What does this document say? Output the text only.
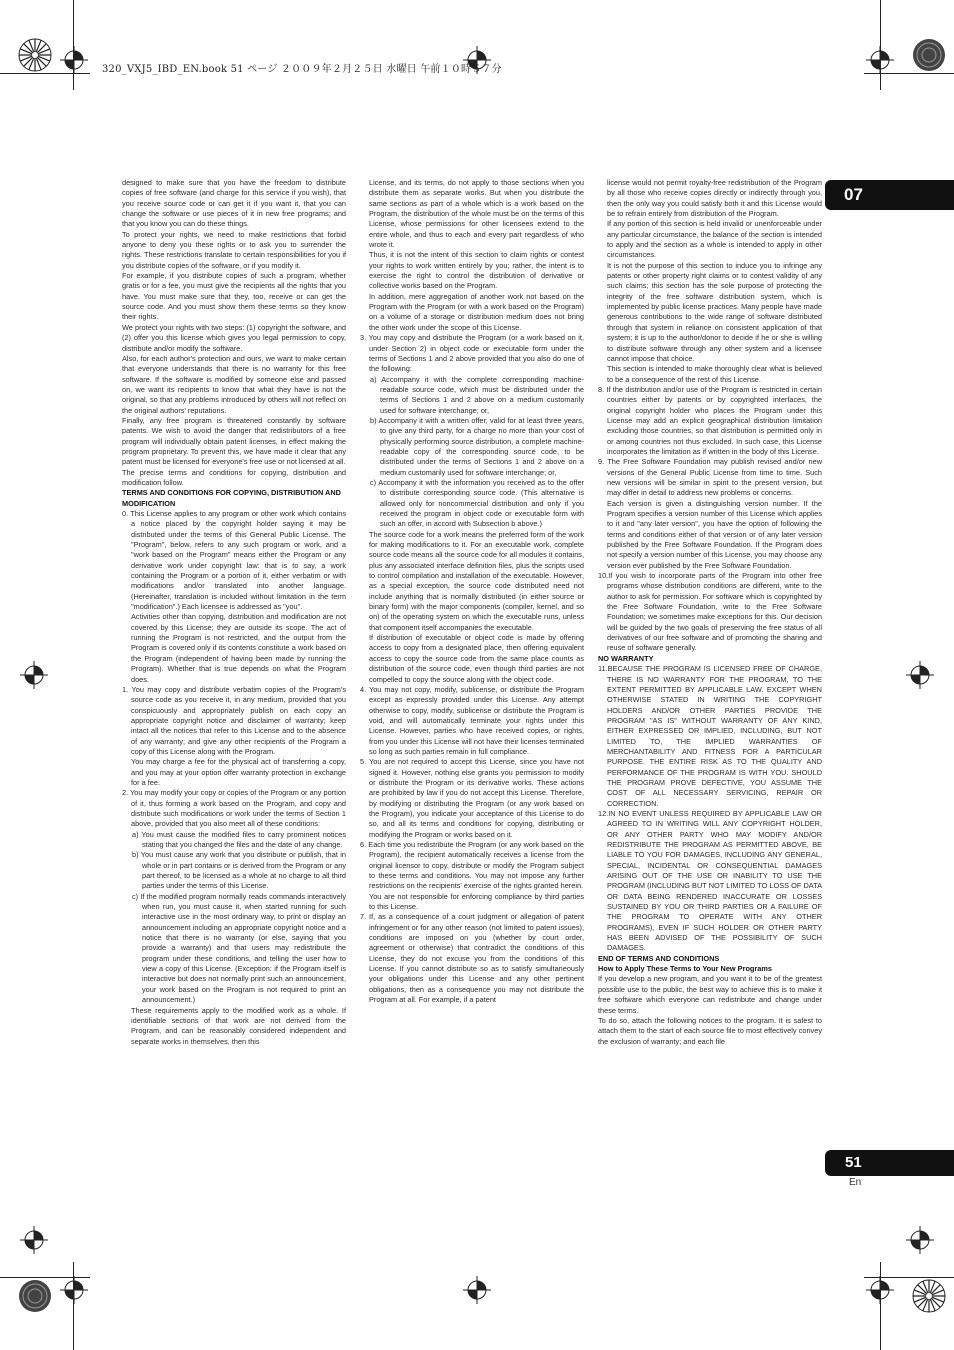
320_VXJ5_IBD_EN.book 51 ページ ２００９年２月２５日 水曜日 午前１０時５７分
07
51
En

designed to make sure that you have the freedom to distribute copies of free software (and charge for this service if you wish), that you receive source code or can get it if you want it, that you can change the software or use pieces of it in new free programs; and that you know you can do these things.

To protect your rights, we need to make restrictions that forbid anyone to deny you these rights or to ask you to surrender the rights. These restrictions translate to certain responsibilities for you if you distribute copies of the software, or if you modify it.

For example, if you distribute copies of such a program, whether gratis or for a fee, you must give the recipients all the rights that you have. You must make sure that they, too, receive or can get the source code. And you must show them these terms so they know their rights.

We protect your rights with two steps: (1) copyright the software, and (2) offer you this license which gives you legal permission to copy, distribute and/or modify the software.

Also, for each author's protection and ours, we want to make certain that everyone understands that there is no warranty for this free software. If the software is modified by someone else and passed on, we want its recipients to know that what they have is not the original, so that any problems introduced by others will not reflect on the original authors' reputations.

Finally, any free program is threatened constantly by software patents. We wish to avoid the danger that redistributors of a free program will individually obtain patent licenses, in effect making the program proprietary. To prevent this, we have made it clear that any patent must be licensed for everyone's free use or not licensed at all.

The precise terms and conditions for copying, distribution and modification follow.

TERMS AND CONDITIONS FOR COPYING, DISTRIBUTION AND MODIFICATION

0. This License applies to any program or other work which contains a notice placed by the copyright holder saying it may be distributed under the terms of this General Public License. The "Program", below, refers to any such program or work, and a "work based on the Program" means either the Program or any derivative work under copyright law: that is to say, a work containing the Program or a portion of it, either verbatim or with modifications and/or translated into another language. (Hereinafter, translation is included without limitation in the term "modification".) Each licensee is addressed as "you".

Activities other than copying, distribution and modification are not covered by this License; they are outside its scope. The act of running the Program is not restricted, and the output from the Program is covered only if its contents constitute a work based on the Program (independent of having been made by running the Program). Whether that is true depends on what the Program does.

1. You may copy and distribute verbatim copies of the Program's source code as you receive it, in any medium, provided that you conspicuously and appropriately publish on each copy an appropriate copyright notice and disclaimer of warranty; keep intact all the notices that refer to this License and to the absence of any warranty; and give any other recipients of the Program a copy of this License along with the Program.

You may charge a fee for the physical act of transferring a copy, and you may at your option offer warranty protection in exchange for a fee.

2. You may modify your copy or copies of the Program or any portion of it, thus forming a work based on the Program, and copy and distribute such modifications or work under the terms of Section 1 above, provided that you also meet all of these conditions:

a) You must cause the modified files to carry prominent notices stating that you changed the files and the date of any change.

b) You must cause any work that you distribute or publish, that in whole or in part contains or is derived from the Program or any part thereof, to be licensed as a whole at no charge to all third parties under the terms of this License.

c) If the modified program normally reads commands interactively when run, you must cause it, when started running for such interactive use in the most ordinary way, to print or display an announcement including an appropriate copyright notice and a notice that there is no warranty (or else, saying that you provide a warranty) and that users may redistribute the program under these conditions, and telling the user how to view a copy of this License. (Exception: if the Program itself is interactive but does not normally print such an announcement, your work based on the Program is not required to print an announcement.)

These requirements apply to the modified work as a whole. If identifiable sections of that work are not derived from the Program, and can be reasonably considered independent and separate works in themselves, then this

License, and its terms, do not apply to those sections when you distribute them as separate works. But when you distribute the same sections as part of a whole which is a work based on the Program, the distribution of the whole must be on the terms of this License, whose permissions for other licensees extend to the entire whole, and thus to each and every part regardless of who wrote it.

Thus, it is not the intent of this section to claim rights or contest your rights to work written entirely by you; rather, the intent is to exercise the right to control the distribution of derivative or collective works based on the Program.

In addition, mere aggregation of another work not based on the Program with the Program (or with a work based on the Program) on a volume of a storage or distribution medium does not bring the other work under the scope of this License.

3. You may copy and distribute the Program (or a work based on it, under Section 2) in object code or executable form under the terms of Sections 1 and 2 above provided that you also do one of the following:

a) Accompany it with the complete corresponding machine-readable source code, which must be distributed under the terms of Sections 1 and 2 above on a medium customarily used for software interchange; or,

b) Accompany it with a written offer, valid for at least three years, to give any third party, for a charge no more than your cost of physically performing source distribution, a complete machine-readable copy of the corresponding source code, to be distributed under the terms of Sections 1 and 2 above on a medium customarily used for software interchange; or,

c) Accompany it with the information you received as to the offer to distribute corresponding source code. (This alternative is allowed only for noncommercial distribution and only if you received the program in object code or executable form with such an offer, in accord with Subsection b above.)

The source code for a work means the preferred form of the work for making modifications to it. For an executable work, complete source code means all the source code for all modules it contains, plus any associated interface definition files, plus the scripts used to control compilation and installation of the executable. However, as a special exception, the source code distributed need not include anything that is normally distributed (in either source or binary form) with the major components (compiler, kernel, and so on) of the operating system on which the executable runs, unless that component itself accompanies the executable.

If distribution of executable or object code is made by offering access to copy from a designated place, then offering equivalent access to copy the source code from the same place counts as distribution of the source code, even though third parties are not compelled to copy the source along with the object code.

4. You may not copy, modify, sublicense, or distribute the Program except as expressly provided under this License. Any attempt otherwise to copy, modify, sublicense or distribute the Program is void, and will automatically terminate your rights under this License. However, parties who have received copies, or rights, from you under this License will not have their licenses terminated so long as such parties remain in full compliance.

5. You are not required to accept this License, since you have not signed it. However, nothing else grants you permission to modify or distribute the Program or its derivative works. These actions are prohibited by law if you do not accept this License. Therefore, by modifying or distributing the Program (or any work based on the Program), you indicate your acceptance of this License to do so, and all its terms and conditions for copying, distributing or modifying the Program or works based on it.

6. Each time you redistribute the Program (or any work based on the Program), the recipient automatically receives a license from the original licensor to copy, distribute or modify the Program subject to these terms and conditions. You may not impose any further restrictions on the recipients' exercise of the rights granted herein.

You are not responsible for enforcing compliance by third parties to this License.

7. If, as a consequence of a court judgment or allegation of patent infringement or for any other reason (not limited to patent issues), conditions are imposed on you (whether by court order, agreement or otherwise) that contradict the conditions of this License, they do not excuse you from the conditions of this License. If you cannot distribute so as to satisfy simultaneously your obligations under this License and any other pertinent obligations, then as a consequence you may not distribute the Program at all. For example, if a patent

license would not permit royalty-free redistribution of the Program by all those who receive copies directly or indirectly through you, then the only way you could satisfy both it and this License would be to refrain entirely from distribution of the Program.

If any portion of this section is held invalid or unenforceable under any particular circumstance, the balance of the section is intended to apply and the section as a whole is intended to apply in other circumstances.

It is not the purpose of this section to induce you to infringe any patents or other property right claims or to contest validity of any such claims; this section has the sole purpose of protecting the integrity of the free software distribution system, which is implemented by public license practices. Many people have made generous contributions to the wide range of software distributed through that system in reliance on consistent application of that system; it is up to the author/donor to decide if he or she is willing to distribute software through any other system and a licensee cannot impose that choice.

This section is intended to make thoroughly clear what is believed to be a consequence of the rest of this License.

8. If the distribution and/or use of the Program is restricted in certain countries either by patents or by copyrighted interfaces, the original copyright holder who places the Program under this License may add an explicit geographical distribution limitation excluding those countries, so that distribution is permitted only in or among countries not thus excluded. In such case, this License incorporates the limitation as if written in the body of this License.

9. The Free Software Foundation may publish revised and/or new versions of the General Public License from time to time. Such new versions will be similar in spirit to the present version, but may differ in detail to address new problems or concerns.

Each version is given a distinguishing version number. If the Program specifies a version number of this License which applies to it and "any later version", you have the option of following the terms and conditions either of that version or of any later version published by the Free Software Foundation. If the Program does not specify a version number of this License, you may choose any version ever published by the Free Software Foundation.

10.If you wish to incorporate parts of the Program into other free programs whose distribution conditions are different, write to the author to ask for permission. For software which is copyrighted by the Free Software Foundation, write to the Free Software Foundation; we sometimes make exceptions for this. Our decision will be guided by the two goals of preserving the free status of all derivatives of our free software and of promoting the sharing and reuse of software generally.

NO WARRANTY

11.BECAUSE THE PROGRAM IS LICENSED FREE OF CHARGE, THERE IS NO WARRANTY FOR THE PROGRAM, TO THE EXTENT PERMITTED BY APPLICABLE LAW. EXCEPT WHEN OTHERWISE STATED IN WRITING THE COPYRIGHT HOLDERS AND/OR OTHER PARTIES PROVIDE THE PROGRAM "AS IS" WITHOUT WARRANTY OF ANY KIND, EITHER EXPRESSED OR IMPLIED, INCLUDING, BUT NOT LIMITED TO, THE IMPLIED WARRANTIES OF MERCHANTABILITY AND FITNESS FOR A PARTICULAR PURPOSE. THE ENTIRE RISK AS TO THE QUALITY AND PERFORMANCE OF THE PROGRAM IS WITH YOU. SHOULD THE PROGRAM PROVE DEFECTIVE, YOU ASSUME THE COST OF ALL NECESSARY SERVICING, REPAIR OR CORRECTION.

12.IN NO EVENT UNLESS REQUIRED BY APPLICABLE LAW OR AGREED TO IN WRITING WILL ANY COPYRIGHT HOLDER, OR ANY OTHER PARTY WHO MAY MODIFY AND/OR REDISTRIBUTE THE PROGRAM AS PERMITTED ABOVE, BE LIABLE TO YOU FOR DAMAGES, INCLUDING ANY GENERAL, SPECIAL, INCIDENTAL OR CONSEQUENTIAL DAMAGES ARISING OUT OF THE USE OR INABILITY TO USE THE PROGRAM (INCLUDING BUT NOT LIMITED TO LOSS OF DATA OR DATA BEING RENDERED INACCURATE OR LOSSES SUSTAINED BY YOU OR THIRD PARTIES OR A FAILURE OF THE PROGRAM TO OPERATE WITH ANY OTHER PROGRAMS), EVEN IF SUCH HOLDER OR OTHER PARTY HAS BEEN ADVISED OF THE POSSIBILITY OF SUCH DAMAGES.

END OF TERMS AND CONDITIONS

How to Apply These Terms to Your New Programs

If you develop a new program, and you want it to be of the greatest possible use to the public, the best way to achieve this is to make it free software which everyone can redistribute and change under these terms.

To do so, attach the following notices to the program. It is safest to attach them to the start of each source file to most effectively convey the exclusion of warranty; and each file
